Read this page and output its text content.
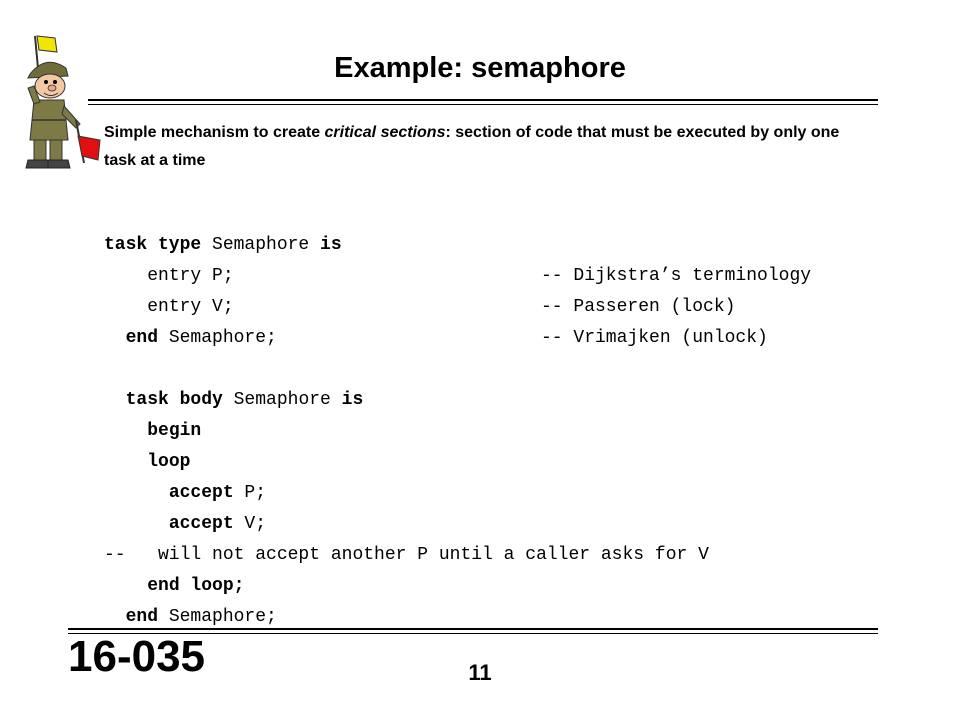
Example: semaphore
Simple mechanism to create critical sections: section of code that must be executed by only one task at a time
task type Semaphore is
entry P;	-- Dijkstra’s terminology
entry V;	-- Passeren (lock)
end Semaphore;	-- Vrimajken (unlock)
task body Semaphore is
begin
loop
accept P;
accept V;
--   will not accept another P until a caller asks for V
end loop;
end Semaphore;
16-035	11
